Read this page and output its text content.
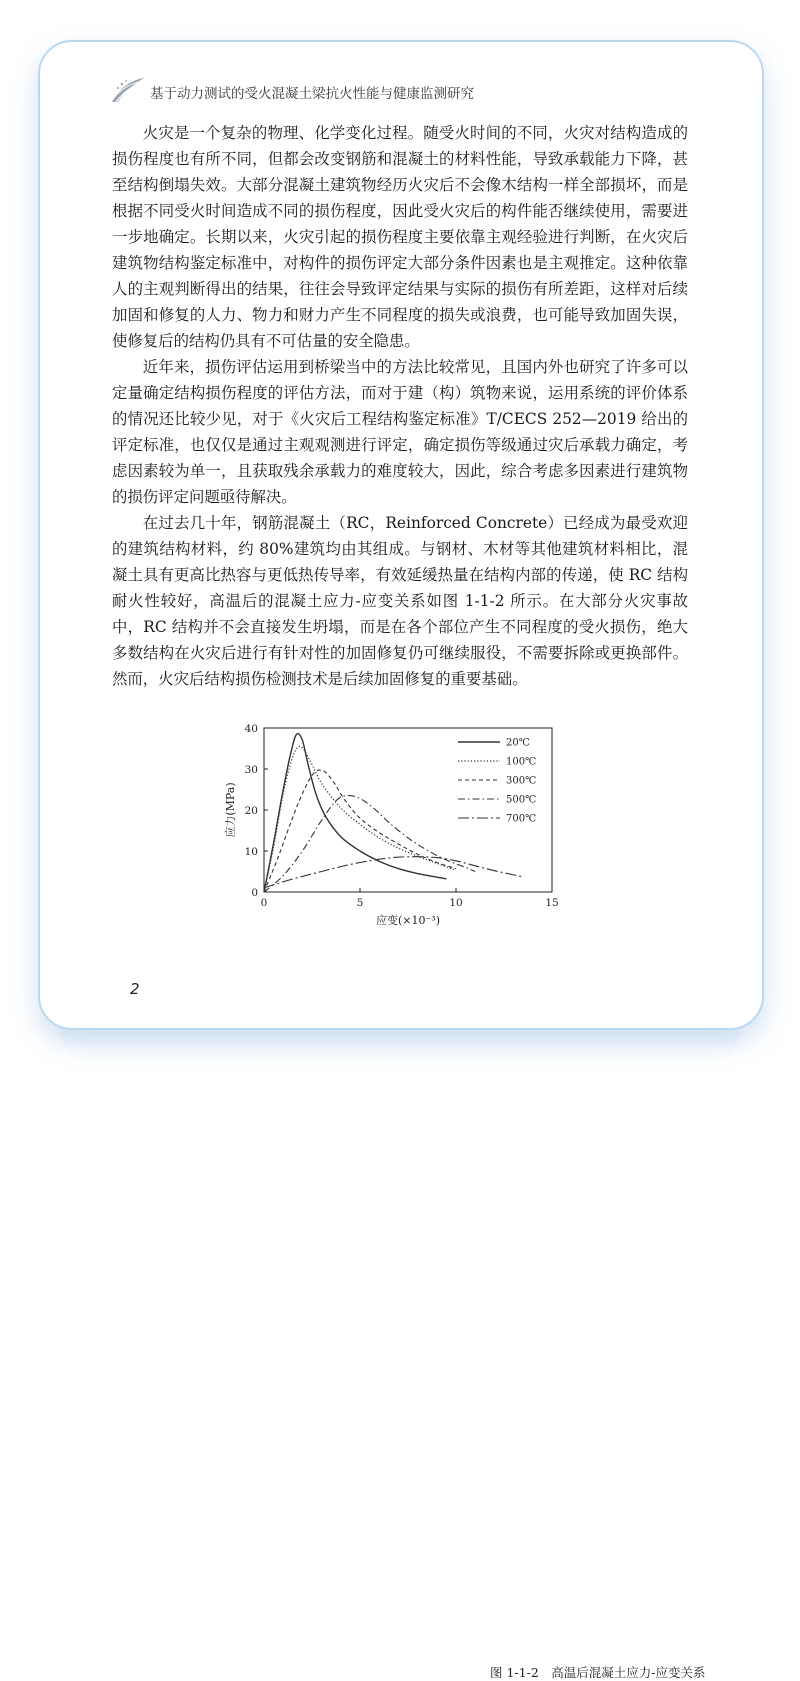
基于动力测试的受火混凝土梁抗火性能与健康监测研究

火灾是一个复杂的物理、化学变化过程。随受火时间的不同，火灾对结构造成的损伤程度也有所不同，但都会改变钢筋和混凝土的材料性能，导致承载能力下降，甚至结构倒塌失效。大部分混凝土建筑物经历火灾后不会像木结构一样全部损坏，而是根据不同受火时间造成不同的损伤程度，因此受火灾后的构件能否继续使用，需要进一步地确定。长期以来，火灾引起的损伤程度主要依靠主观经验进行判断，在火灾后建筑物结构鉴定标准中，对构件的损伤评定大部分条件因素也是主观推定。这种依靠人的主观判断得出的结果，往往会导致评定结果与实际的损伤有所差距，这样对后续加固和修复的人力、物力和财力产生不同程度的损失或浪费，也可能导致加固失误，使修复后的结构仍具有不可估量的安全隐患。

近年来，损伤评估运用到桥梁当中的方法比较常见，且国内外也研究了许多可以定量确定结构损伤程度的评估方法，而对于建（构）筑物来说，运用系统的评价体系的情况还比较少见，对于《火灾后工程结构鉴定标准》T/CECS 252—2019 给出的评定标准，也仅仅是通过主观观测进行评定，确定损伤等级通过灾后承载力确定，考虑因素较为单一，且获取残余承载力的难度较大，因此，综合考虑多因素进行建筑物的损伤评定问题亟待解决。

在过去几十年，钢筋混凝土（RC，Reinforced Concrete）已经成为最受欢迎的建筑结构材料，约 80%建筑均由其组成。与钢材、木材等其他建筑材料相比，混凝土具有更高比热容与更低热传导率，有效延缓热量在结构内部的传递，使 RC 结构耐火性较好，高温后的混凝土应力-应变关系如图 1-1-2 所示。在大部分火灾事故中，RC 结构并不会直接发生坍塌，而是在各个部位产生不同程度的受火损伤，绝大多数结构在火灾后进行有针对性的加固修复仍可继续服役，不需要拆除或更换部件。然而，火灾后结构损伤检测技术是后续加固修复的重要基础。

0	5	10	15
0
10
20
30
40
应变(×10⁻³)
应力(MPa)
20℃
100℃
300℃
500℃
700℃
图 1-1-2　高温后混凝土应力-应变关系
2
